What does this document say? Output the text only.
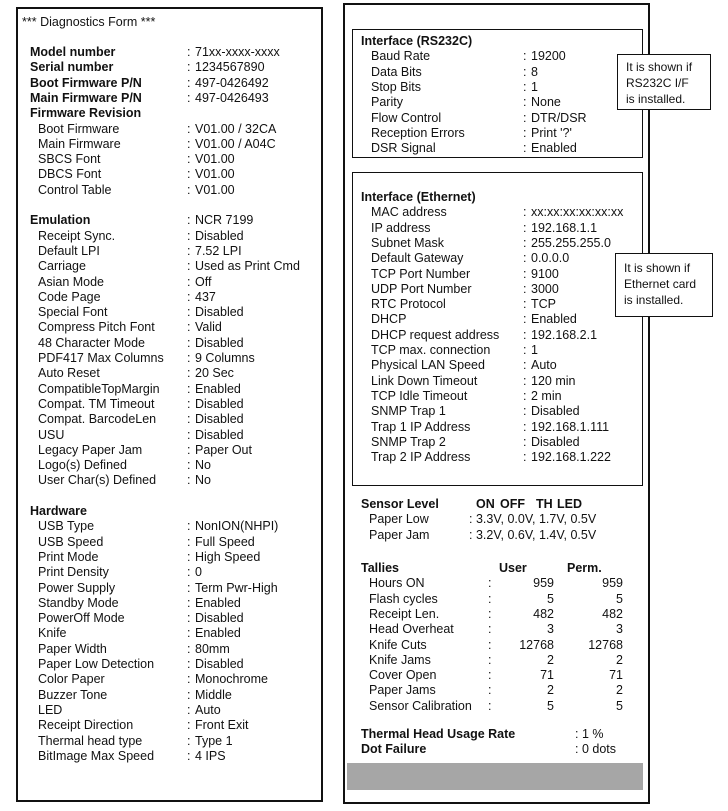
*** Diagnostics Form ***
Model number	: 71xx-xxxx-xxxx
Serial number	: 1234567890
Boot Firmware P/N	: 497-0426492
Main Firmware P/N	: 497-0426493
Firmware Revision
Boot Firmware	: V01.00 / 32CA
Main Firmware	: V01.00 / A04C
SBCS Font	: V01.00
DBCS Font	: V01.00
Control Table	: V01.00
Emulation	: NCR 7199
Receipt Sync.	: Disabled
Default LPI	: 7.52 LPI
Carriage	: Used as Print Cmd
Asian Mode	: Off
Code Page	: 437
Special Font	: Disabled
Compress Pitch Font	: Valid
48 Character Mode	: Disabled
PDF417 Max Columns : 9 Columns
Auto Reset	: 20 Sec
CompatibleTopMargin : Enabled
Compat. TM Timeout	: Disabled
Compat. BarcodeLen : Disabled
USU	: Disabled
Legacy Paper Jam	: Paper Out
Logo(s) Defined	: No
User Char(s) Defined : No
Hardware
USB Type	: NonION(NHPI)
USB Speed	: Full Speed
Print Mode	: High Speed
Print Density	: 0
Power Supply	: Term Pwr-High
Standby Mode	: Enabled
PowerOff Mode	: Disabled
Knife	: Enabled
Paper Width	: 80mm
Paper Low Detection	: Disabled
Color Paper	: Monochrome
Buzzer Tone	: Middle
LED	: Auto
Receipt Direction	: Front Exit
Thermal head type	: Type 1
BitImage Max Speed	: 4 IPS
Interface (RS232C)
Baud Rate	: 19200
Data Bits	: 8
Stop Bits	: 1
Parity	: None
Flow Control	: DTR/DSR
Reception Errors	: Print '?'
DSR Signal	: Enabled
Interface (Ethernet)
MAC address	: xx:xx:xx:xx:xx:xx
IP address	: 192.168.1.1
Subnet Mask	: 255.255.255.0
Default Gateway	: 0.0.0.0
TCP Port Number	: 9100
UDP Port Number	: 3000
RTC Protocol	: TCP
DHCP	: Enabled
DHCP request address : 192.168.2.1
TCP max. connection	: 1
Physical LAN Speed	: Auto
Link Down Timeout	: 120 min
TCP Idle Timeout	: 2 min
SNMP Trap 1	: Disabled
Trap 1 IP Address	: 192.168.1.111
SNMP Trap 2	: Disabled
Trap 2 IP Address	: 192.168.1.222
Sensor Level	ON OFF TH LED
Paper Low	: 3.3V, 0.0V, 1.7V, 0.5V
Paper Jam	: 3.2V, 0.6V, 1.4V, 0.5V
Tallies	User	Perm.
Hours ON	:	959	959
Flash cycles	:	5	5
Receipt Len.	:	482	482
Head Overheat	:	3	3
Knife Cuts	:	12768	12768
Knife Jams	:	2	2
Cover Open	:	71	71
Paper Jams	:	2	2
Sensor Calibration :	5	5
Thermal Head Usage Rate	: 1 %
Dot Failure	: 0 dots
It is shown if
RS232C I/F
is installed.
It is shown if
Ethernet card
is installed.
